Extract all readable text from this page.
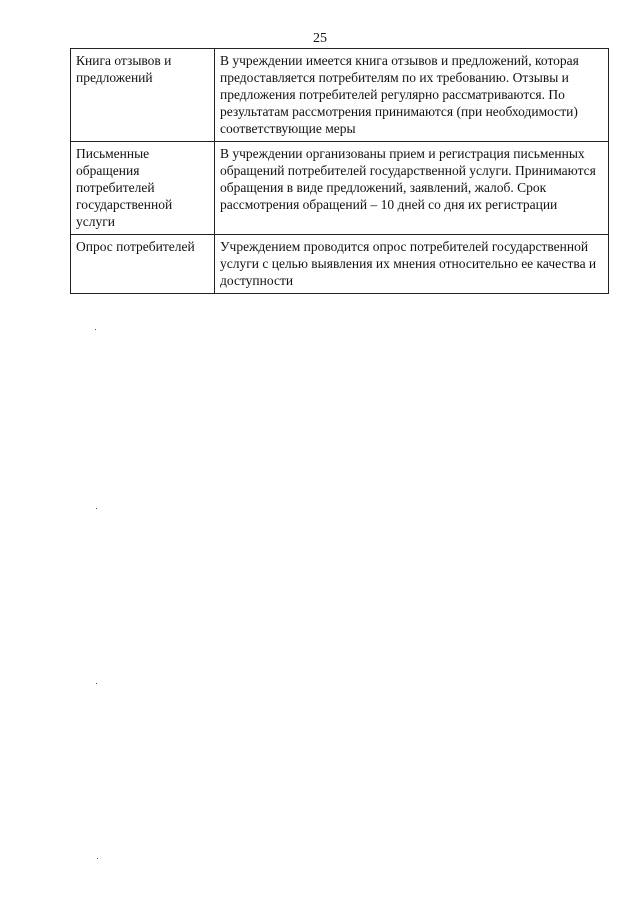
25
Книга отзывов и предложений	В учреждении имеется книга отзывов и предложений, которая предоставляется потребителям по их требованию. Отзывы и предложения потребителей регулярно рассматриваются. По результатам рассмотрения принимаются (при необходимости) соответствующие меры

Письменные обращения потребителей государственной услуги	В учреждении организованы прием и регистрация письменных обращений потребителей государственной услуги. Принимаются обращения в виде предложений, заявлений, жалоб. Срок рассмотрения обращений – 10 дней со дня их регистрации

Опрос потребителей	Учреждением проводится опрос потребителей государственной услуги с целью выявления их мнения относительно ее качества и доступности
